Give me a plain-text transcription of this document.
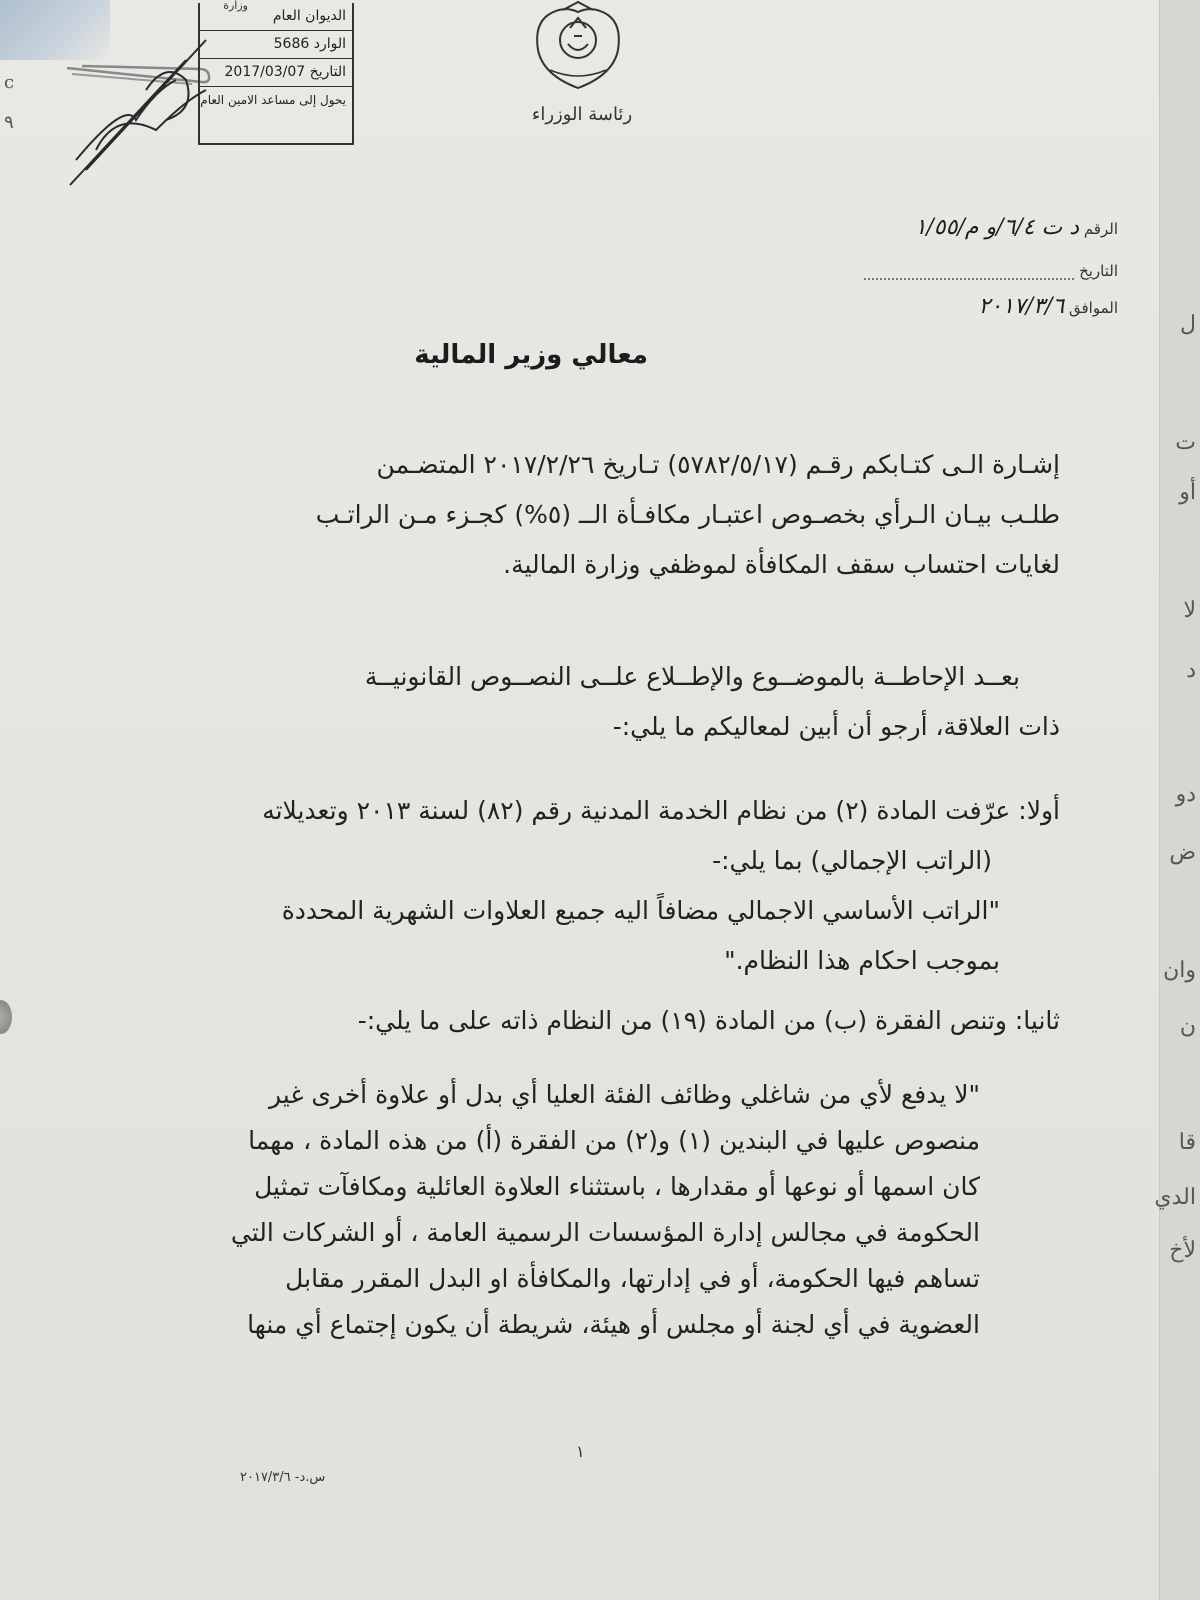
c
٩
وزارة
الديوان العام
الوارد 5686
التاريخ 2017/03/07
يحول إلى مساعد الامين العام
رئاسة الوزراء
الرقم د ت ٦/٤/و م/١/٥٥
التاريخ
الموافق ٢٠١٧/٣/٦
معالي وزير المالية
إشـارة الـى كتـابكم رقـم (٥٧٨٢/٥/١٧) تـاريخ ٢٠١٧/٢/٢٦ المتضـمن
طلـب بيـان الـرأي بخصـوص اعتبـار مكافـأة الــ (٥%) كجـزء مـن الراتـب
لغايات احتساب سقف المكافأة لموظفي وزارة المالية.
بعــد الإحاطــة بالموضــوع والإطــلاع علــى النصــوص القانونيــة
ذات العلاقة، أرجو أن أبين لمعاليكم ما يلي:-
أولا: عرّفت المادة (٢) من نظام الخدمة المدنية رقم (٨٢) لسنة ٢٠١٣ وتعديلاته
(الراتب الإجمالي) بما يلي:-
"الراتب الأساسي الاجمالي مضافاً اليه جميع العلاوات الشهرية المحددة
بموجب احكام هذا النظام."
ثانيا: وتنص الفقرة (ب) من المادة (١٩) من النظام ذاته على ما يلي:-
"لا يدفع لأي من شاغلي وظائف الفئة العليا أي بدل أو علاوة أخرى غير
منصوص عليها في البندين (١) و(٢) من الفقرة (أ) من هذه المادة ، مهما
كان اسمها أو نوعها أو مقدارها ، باستثناء العلاوة العائلية ومكافآت تمثيل
الحكومة في مجالس إدارة المؤسسات الرسمية العامة ، أو الشركات التي
تساهم فيها الحكومة، أو في إدارتها، والمكافأة او البدل المقرر مقابل
العضوية في أي لجنة أو مجلس أو هيئة، شريطة أن يكون إجتماع أي منها
١
س.د- ٢٠١٧/٣/٦
ل
ت
أو
لا
د
دو
ض
وان
ن
قا
الدي
لأخ
